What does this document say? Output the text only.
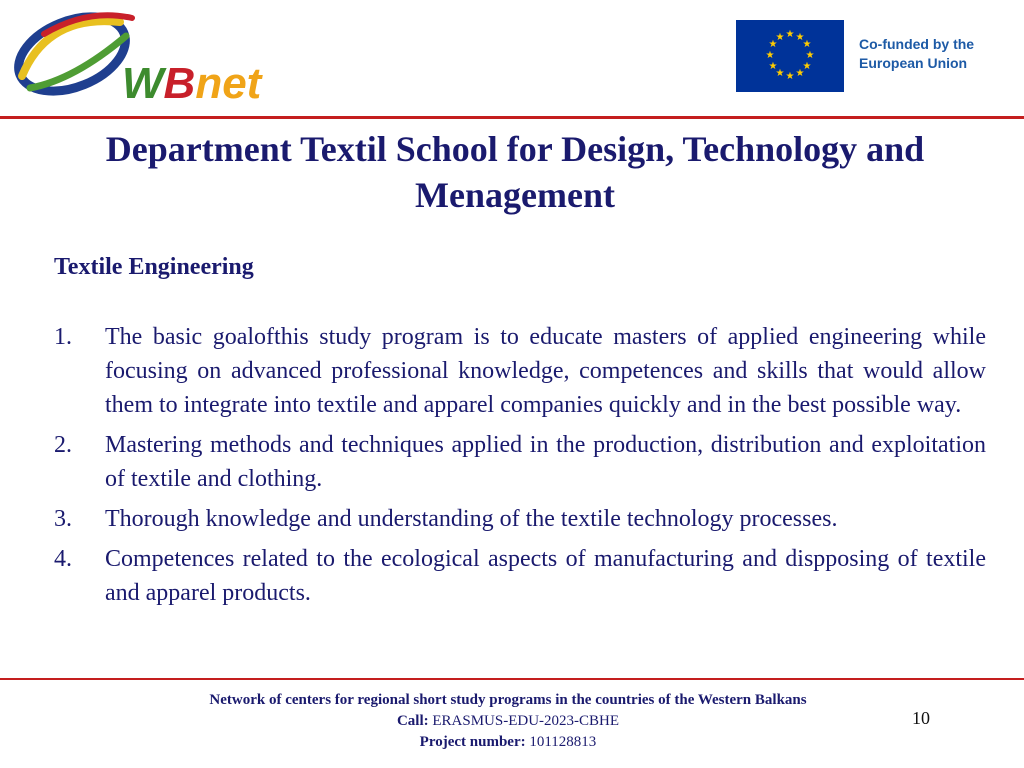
WBnet
★ ★
★
★
★
★
★
★
★
★
★
★	Co-funded by the
European Union
Department Textil School for Design, Technology and Menagement
Textile Engineering
1.	The basic goalofthis study program is to educate masters of applied engineering while focusing on advanced professional knowledge, competences and skills that would allow them to integrate into textile and apparel companies quickly and in the best possible way.
2.	Mastering methods and techniques applied in the production, distribution and exploitation of textile and clothing.
3.	Thorough knowledge and understanding of the textile technology processes.
4.	Competences related to the ecological aspects of manufacturing and dispposing of textile and apparel products.
Network of centers for regional short study programs in the countries of the Western Balkans
Call: ERASMUS-EDU-2023-CBHE
Project number: 101128813
10
